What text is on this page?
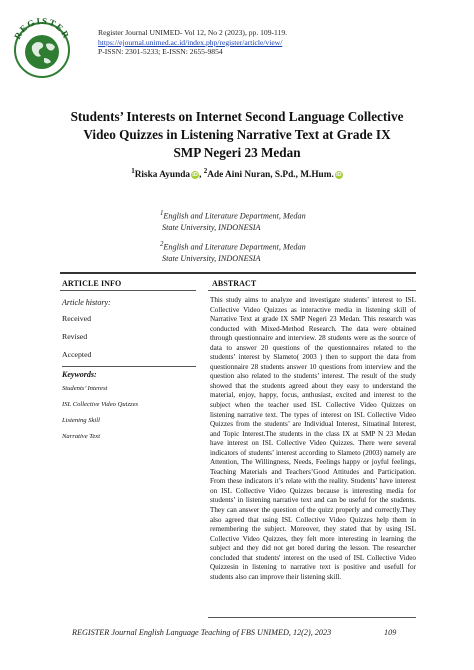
REGISTER	Register Journal UNIMED- Vol 12, No 2 (2023), pp. 109-119.
https://ejournal.unimed.ac.id/index.php/register/article/view/
P-ISSN: 2301-5233; E-ISSN: 2655-9854
Students’ Interests on Internet Second Language Collective
Video Quizzes in Listening Narrative Text at Grade IX
SMP Negeri 23 Medan
$^1$Riska Ayunda iD, $^2$Ade Aini Nuran, S.Pd., M.Hum. iD
$^1$English and Literature Department, Medan
State University, INDONESIA
$^2$English and Literature Department, Medan
State University, INDONESIA
ARTICLE INFO	ABSTRACT
Article history:
Received
Revised
Accepted
Keywords:
Students’ Interest
ISL Collective Video Quizzes
Listening Skill
Narrative Text
This study aims to analyze and investigate students’ interest to ISL Collective Video Quizzes as interactive media in listening skill of Narrative Text at grade IX SMP Negeri 23 Medan. This research was conducted with Mixed-Method Research. The data were obtained through questionnaire and interview. 28 students were as the source of data to answer 20 questions of the questionnaires related to the students’ interest by Slameto( 2003 ) then to support the data from questionnaire 28 students answer 10 questions from interview and the question also related to the students’ interest. The result of the study showed that the students agreed about they easy to understand the material, enjoy, happy, focus, anthusiast, excited and interest to the subject when the teacher used ISL Collective Video Quizzes on listening narrative text. The types of interest on ISL Collective Video Quizzes from the students’ are Individual Interest, Situatinal Interest, and Topic Interest.The students in the class IX at SMP N 23 Medan have interest on ISL Collective Video Quizzes. There were several indicators of students’ interest according to Slameto (2003) namely are Attention, The Willingness, Needs, Feelings happy or joyful feelings, Teaching Materials and Teachers’Good Attitudes and Participation. From these indicators it’s relate with the reality. Students’ have interest on ISL Collective Video Quizzes because is interesting media for students’ in listening narrative text and can be useful for the students. They can answer the question of the quizz properly and correctly.They also agreed that using ISL Collective Video Quizzes help them in remembering the subject. Moreover, they stated that by using ISL Collective Video Quizzes, they felt more interesting in learning the subject and they did not get bored during the lesson. The researcher concluded that students' interest on the used of ISL Collective Video Quizzesin in listening to narrative text is positive and usefull for students also can improve their listening skill.
REGISTER Journal English Language Teaching of FBS UNIMED, 12(2), 2023	109
